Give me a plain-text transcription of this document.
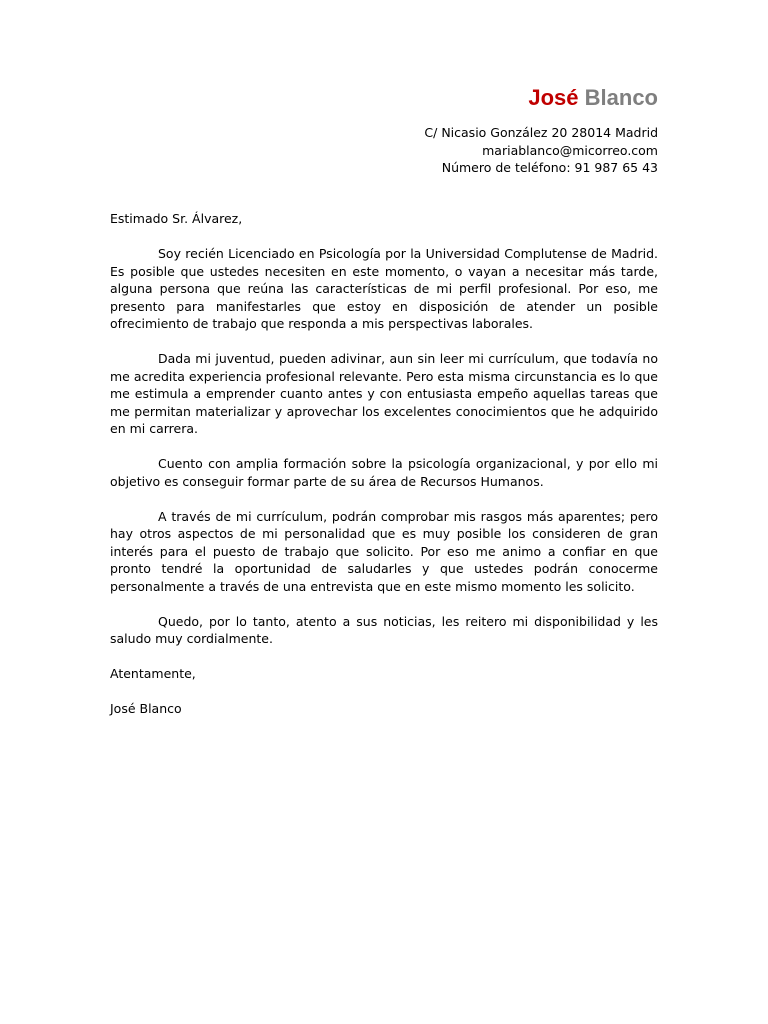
José Blanco

C/ Nicasio González 20 28014 Madrid
mariablanco@micorreo.com
Número de teléfono: 91 987 65 43

Estimado Sr. Álvarez,

Soy recién Licenciado en Psicología por la Universidad Complutense de Madrid. Es posible que ustedes necesiten en este momento, o vayan a necesitar más tarde, alguna persona que reúna las características de mi perfil profesional. Por eso, me presento para manifestarles que estoy en disposición de atender un posible ofrecimiento de trabajo que responda a mis perspectivas laborales.

Dada mi juventud, pueden adivinar, aun sin leer mi currículum, que todavía no me acredita experiencia profesional relevante. Pero esta misma circunstancia es lo que me estimula a emprender cuanto antes y con entusiasta empeño aquellas tareas que me permitan materializar y aprovechar los excelentes conocimientos que he adquirido en mi carrera.

Cuento con amplia formación sobre la psicología organizacional, y por ello mi objetivo es conseguir formar parte de su área de Recursos Humanos.

A través de mi currículum, podrán comprobar mis rasgos más aparentes; pero hay otros aspectos de mi personalidad que es muy posible los consideren de gran interés para el puesto de trabajo que solicito. Por eso me animo a confiar en que pronto tendré la oportunidad de saludarles y que ustedes podrán conocerme personalmente a través de una entrevista que en este mismo momento les solicito.

Quedo, por lo tanto, atento a sus noticias, les reitero mi disponibilidad y les saludo muy cordialmente.

Atentamente,

José Blanco
